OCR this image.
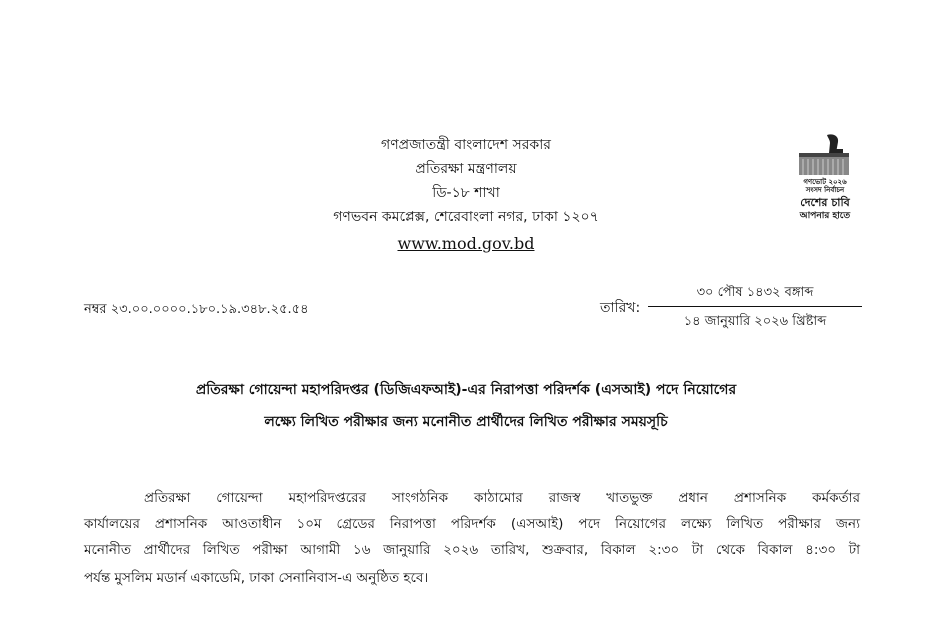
গণপ্রজাতন্ত্রী বাংলাদেশ সরকার
প্রতিরক্ষা মন্ত্রণালয়
ডি-১৮ শাখা
গণভবন কমপ্লেক্স, শেরেবাংলা নগর, ঢাকা ১২০৭
www.mod.gov.bd
গণভোট ২০২৬
সংসদ নির্বাচন
দেশের চাবি
আপনার হাতে
নম্বর ২৩.০০.০০০০.১৮০.১৯.৩৪৮.২৫.৫৪	তারিখ:
৩০ পৌষ ১৪৩২ বঙ্গাব্দ
১৪ জানুয়ারি ২০২৬ খ্রিষ্টাব্দ
প্রতিরক্ষা গোয়েন্দা মহাপরিদপ্তর (ডিজিএফআই)-এর নিরাপত্তা পরিদর্শক (এসআই) পদে নিয়োগের
লক্ষ্যে লিখিত পরীক্ষার জন্য মনোনীত প্রার্থীদের লিখিত পরীক্ষার সময়সূচি
প্রতিরক্ষা গোয়েন্দা মহাপরিদপ্তরের সাংগঠনিক কাঠামোর রাজস্ব খাতভুক্ত প্রধান প্রশাসনিক কর্মকর্তার
কার্যালয়ের প্রশাসনিক আওতাধীন ১০ম গ্রেডের নিরাপত্তা পরিদর্শক (এসআই) পদে নিয়োগের লক্ষ্যে লিখিত পরীক্ষার জন্য
মনোনীত প্রার্থীদের লিখিত পরীক্ষা আগামী ১৬ জানুয়ারি ২০২৬ তারিখ, শুক্রবার, বিকাল ২:৩০ টা থেকে বিকাল ৪:৩০ টা
পর্যন্ত মুসলিম মডার্ন একাডেমি, ঢাকা সেনানিবাস-এ অনুষ্ঠিত হবে।
